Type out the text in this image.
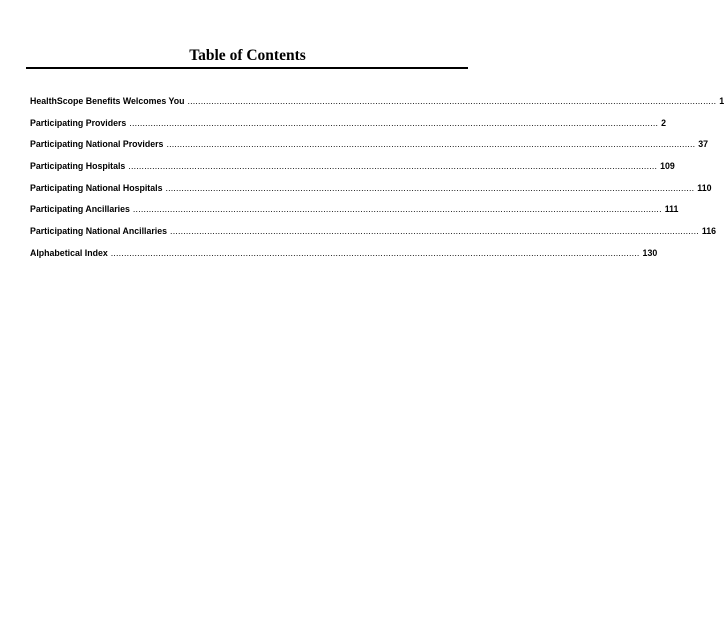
Table of Contents
HealthScope Benefits Welcomes You ........................................................................................................................................................................................................ 1
Participating Providers ........................................................................................................................................................................................................ 2
Participating National Providers ........................................................................................................................................................................................................ 37
Participating Hospitals ........................................................................................................................................................................................................ 109
Participating National Hospitals ........................................................................................................................................................................................................ 110
Participating Ancillaries ........................................................................................................................................................................................................ 111
Participating National Ancillaries ........................................................................................................................................................................................................ 116
Alphabetical Index ........................................................................................................................................................................................................ 130
